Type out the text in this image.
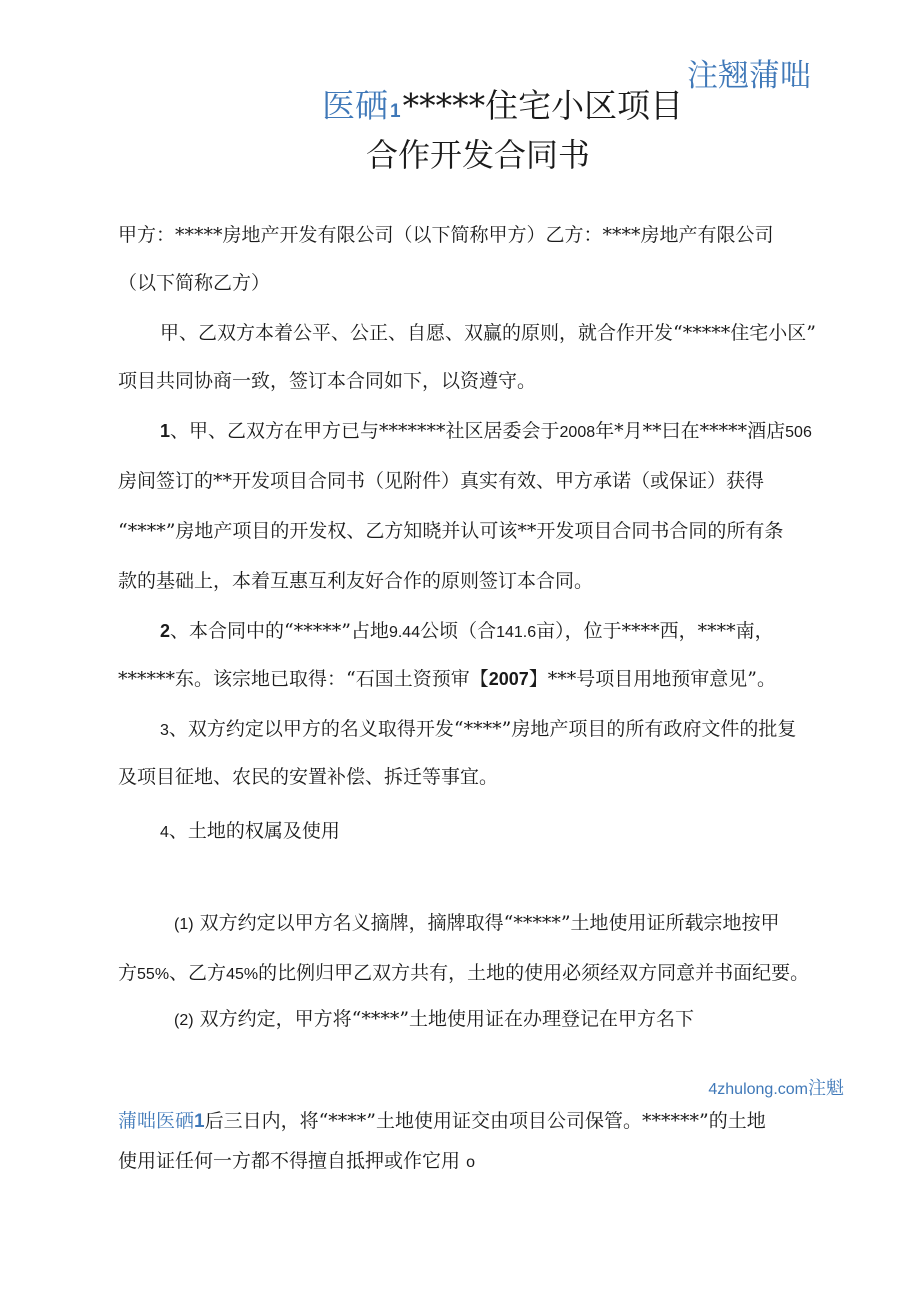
注翘蒲咄
医硒 1*****住宅小区项目
合作开发合同书
甲方：*****房地产开发有限公司（以下简称甲方）乙方：****房地产有限公司
（以下简称乙方）
甲、乙双方本着公平、公正、自愿、双赢的原则，就合作开发“*****住宅小区”
项目共同协商一致，签订本合同如下，以资遵守。
1、甲、乙双方在甲方已与*******社区居委会于2008年*月**曰在*****酒店506
房间签订的**开发项目合同书（见附件）真实有效、甲方承诺（或保证）获得
“****”房地产项目的开发权、乙方知晓并认可该**开发项目合同书合同的所有条
款的基础上，本着互惠互利友好合作的原则签订本合同。
2、本合同中的“*****”占地9.44公顷（合141.6亩），位于****西，****南，
******东。该宗地已取得：“石国土资预审【2007】***号项目用地预审意见”。
3、双方约定以甲方的名义取得开发“****”房地产项目的所有政府文件的批复
及项目征地、农民的安置补偿、拆迁等事宜。
4、土地的权属及使用
(1) 双方约定以甲方名义摘牌，摘牌取得“*****”土地使用证所载宗地按甲
方55%、乙方45%的比例归甲乙双方共有，土地的使用必须经双方同意并书面纪要。
(2) 双方约定，甲方将“****”土地使用证在办理登记在甲方名下
4zhulong.com注魁
蒲咄医硒1后三日内，将“****”土地使用证交由项目公司保管。******”的土地
使用证任何一方都不得擅自抵押或作它用 o
